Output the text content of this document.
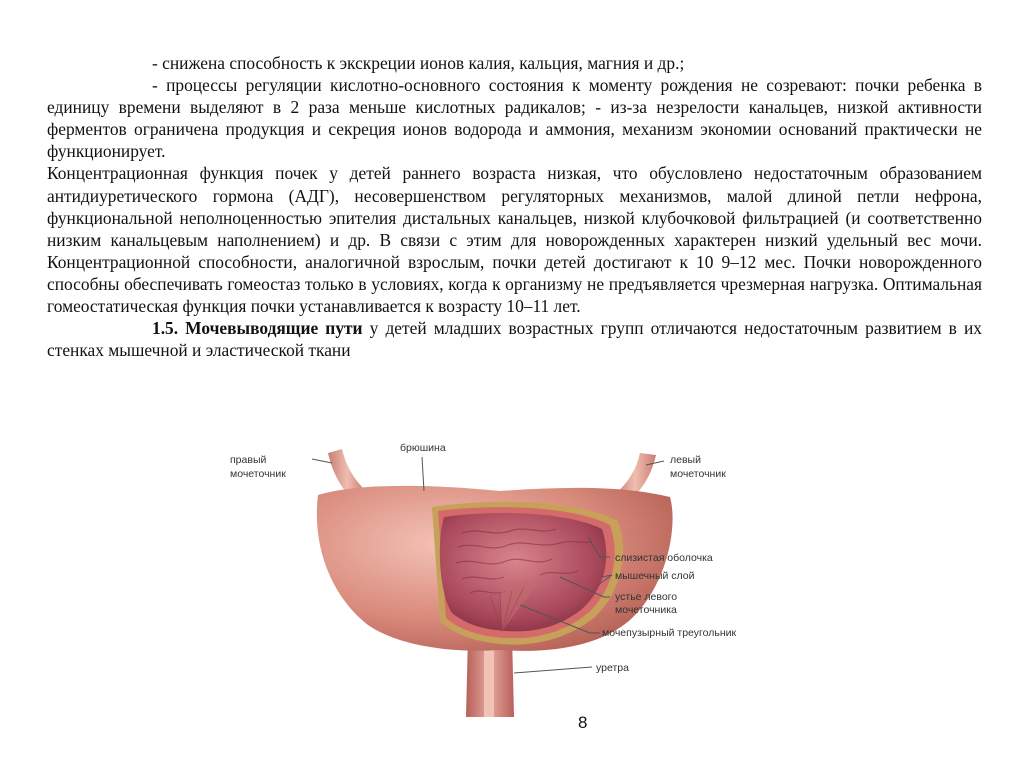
- снижена способность к экскреции ионов калия, кальция, магния и др.;

- процессы регуляции кислотно-основного состояния к моменту рождения не созревают: почки ребенка в единицу времени выделяют в 2 раза меньше кислотных радикалов; - из-за незрелости канальцев, низкой активности ферментов ограничена продукция и секреция ионов водорода и аммония, механизм экономии оснований практически не функционирует.

Концентрационная функция почек у детей раннего возраста низкая, что обусловлено недостаточным образованием антидиуретического гормона (АДГ), несовершенством регуляторных механизмов, малой длиной петли нефрона, функциональной неполноценностью эпителия дистальных канальцев, низкой клубочковой фильтрацией (и соответственно низким канальцевым наполнением) и др. В связи с этим для новорожденных характерен низкий удельный вес мочи. Концентрационной способности, аналогичной взрослым, почки детей достигают к 10 9–12 мес. Почки новорожденного способны обеспечивать гомеостаз только в условиях, когда к организму не предъявляется чрезмерная нагрузка. Оптимальная гомеостатическая функция почки устанавливается к возрасту 10–11 лет.

1.5. Мочевыводящие пути у детей младших возрастных групп отличаются недостаточным развитием в их стенках мышечной и эластической ткани

правый
мочеточник
брюшина
левый
мочеточник
слизистая оболочка
мышечный слой
устье левого
мочеточника
мочепузырный треугольник
уретра
8
